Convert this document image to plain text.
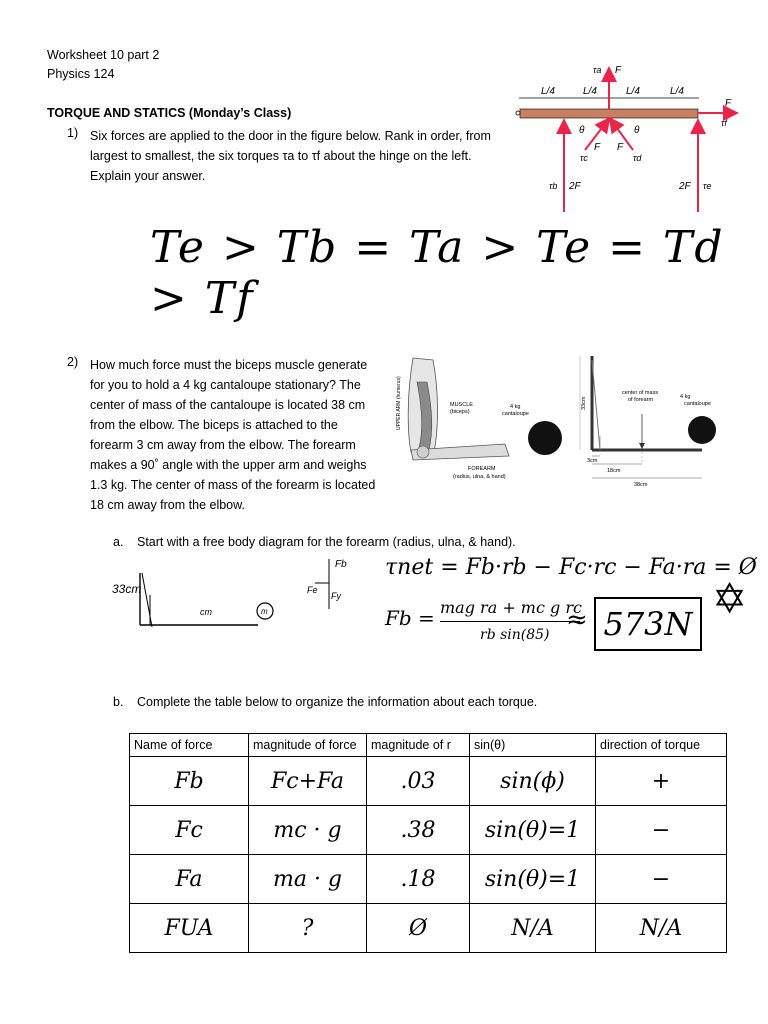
Worksheet 10 part 2
Physics 124
TORQUE AND STATICS (Monday’s Class)
1) Six forces are applied to the door in the figure below. Rank in order, from
largest to smallest, the six torques τa to τf about the hinge on the left.
Explain your answer.
L/4	L/4	L/4	L/4
τa F
F
τf
θ	θ
F F
τc	τd
τb 2F	2F τe
Te > Tb = Ta > Te = Td > Tf
2) How much force must the biceps muscle generate
for you to hold a 4 kg cantaloupe stationary? The
center of mass of the cantaloupe is located 38 cm
from the elbow. The biceps is attached to the
forearm 3 cm away from the elbow. The forearm
makes a 90˚ angle with the upper arm and weighs
1.3 kg. The center of mass of the forearm is located
18 cm away from the elbow.
UPPER ARM (humerus)	MUSCLE
(biceps)
4 kg
cantaloupe
FOREARM
(radius, ulna, & hand)
33cm
center of mass
of forearm	4 kg
cantaloupe
3cm
18cm
38cm
a. Start with a free body diagram for the forearm (radius, ulna, & hand).
33cm
cm	m
Fb
Fe
Fy
τnet = Fb·rb − Fc·rc − Fa·ra = Ø
Fb = mag ra + mc g rc
rb sin(85) ≈ 573N
✡
b. Complete the table below to organize the information about each torque.
Name of force	magnitude of force	magnitude of r	sin(θ)	direction of torque
Fb	Fc+Fa	.03	sin(ϕ)	+
Fc	mc · g	.38	sin(θ)=1	−
Fa	ma · g	.18	sin(θ)=1	−
FUA	?	Ø	N/A	N/A
